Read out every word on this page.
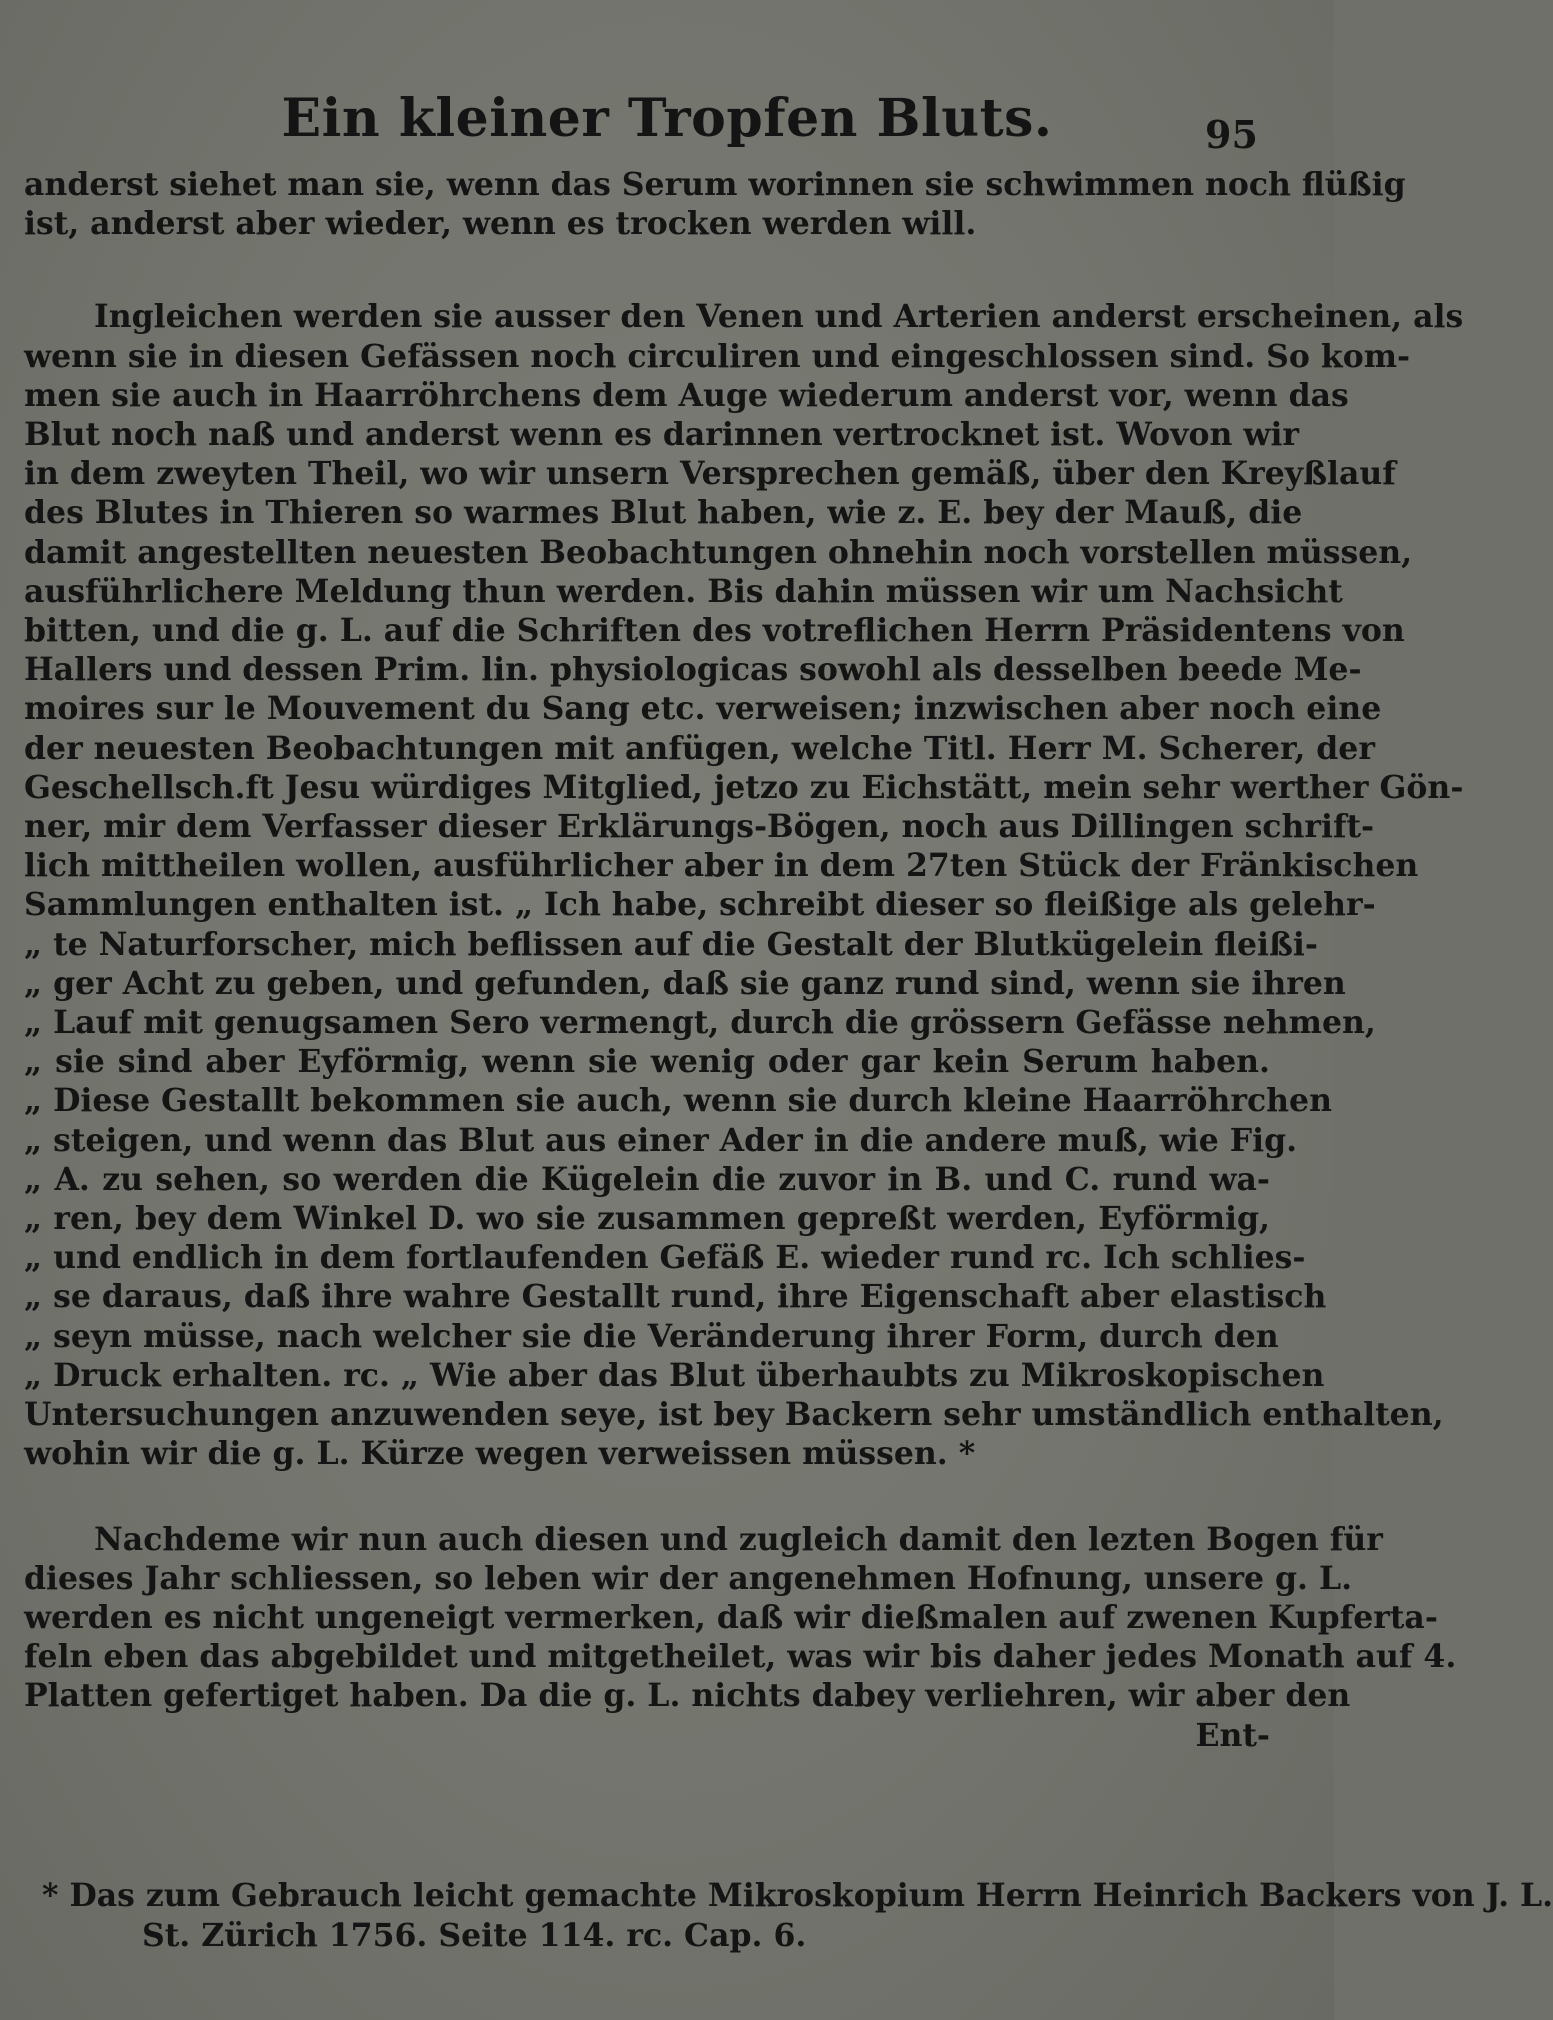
Ein kleiner Tropfen Bluts.	95
anderst siehet man sie, wenn das Serum worinnen sie schwimmen noch flüßig
ist, anderst aber wieder, wenn es trocken werden will.
Ingleichen werden sie ausser den Venen und Arterien anderst erscheinen, als
wenn sie in diesen Gefässen noch circuliren und eingeschlossen sind. So kom-
men sie auch in Haarröhrchens dem Auge wiederum anderst vor, wenn das
Blut noch naß und anderst wenn es darinnen vertrocknet ist. Wovon wir
in dem zweyten Theil, wo wir unsern Versprechen gemäß, über den Kreyßlauf
des Blutes in Thieren so warmes Blut haben, wie z. E. bey der Mauß, die
damit angestellten neuesten Beobachtungen ohnehin noch vorstellen müssen,
ausführlichere Meldung thun werden. Bis dahin müssen wir um Nachsicht
bitten, und die g. L. auf die Schriften des votreflichen Herrn Präsidentens von
Hallers und dessen Prim. lin. physiologicas sowohl als desselben beede Me-
moires sur le Mouvement du Sang etc. verweisen; inzwischen aber noch eine
der neuesten Beobachtungen mit anfügen, welche Titl. Herr M. Scherer, der
Geschellsch.ft Jesu würdiges Mitglied, jetzo zu Eichstätt, mein sehr werther Gön-
ner, mir dem Verfasser dieser Erklärungs-Bögen, noch aus Dillingen schrift-
lich mittheilen wollen, ausführlicher aber in dem 27ten Stück der Fränkischen
Sammlungen enthalten ist. „ Ich habe, schreibt dieser so fleißige als gelehr-
„ te Naturforscher, mich beflissen auf die Gestalt der Blutkügelein fleißi-
„ ger Acht zu geben, und gefunden, daß sie ganz rund sind, wenn sie ihren
„ Lauf mit genugsamen Sero vermengt, durch die grössern Gefässe nehmen,
„ sie sind aber Eyförmig, wenn sie wenig oder gar kein Serum haben.
„ Diese Gestallt bekommen sie auch, wenn sie durch kleine Haarröhrchen
„ steigen, und wenn das Blut aus einer Ader in die andere muß, wie Fig.
„ A. zu sehen, so werden die Kügelein die zuvor in B. und C. rund wa-
„ ren, bey dem Winkel D. wo sie zusammen gepreßt werden, Eyförmig,
„ und endlich in dem fortlaufenden Gefäß E. wieder rund rc. Ich schlies-
„ se daraus, daß ihre wahre Gestallt rund, ihre Eigenschaft aber elastisch
„ seyn müsse, nach welcher sie die Veränderung ihrer Form, durch den
„ Druck erhalten. rc. „ Wie aber das Blut überhaubts zu Mikroskopischen
Untersuchungen anzuwenden seye, ist bey Backern sehr umständlich enthalten,
wohin wir die g. L. Kürze wegen verweissen müssen. *
Nachdeme wir nun auch diesen und zugleich damit den lezten Bogen für
dieses Jahr schliessen, so leben wir der angenehmen Hofnung, unsere g. L.
werden es nicht ungeneigt vermerken, daß wir dießmalen auf zwenen Kupferta-
feln eben das abgebildet und mitgetheilet, was wir bis daher jedes Monath auf 4.
Platten gefertiget haben. Da die g. L. nichts dabey verliehren, wir aber den
Ent-
* Das zum Gebrauch leicht gemachte Mikroskopium Herrn Heinrich Backers von J. L.
St. Zürich 1756. Seite 114. rc. Cap. 6.
